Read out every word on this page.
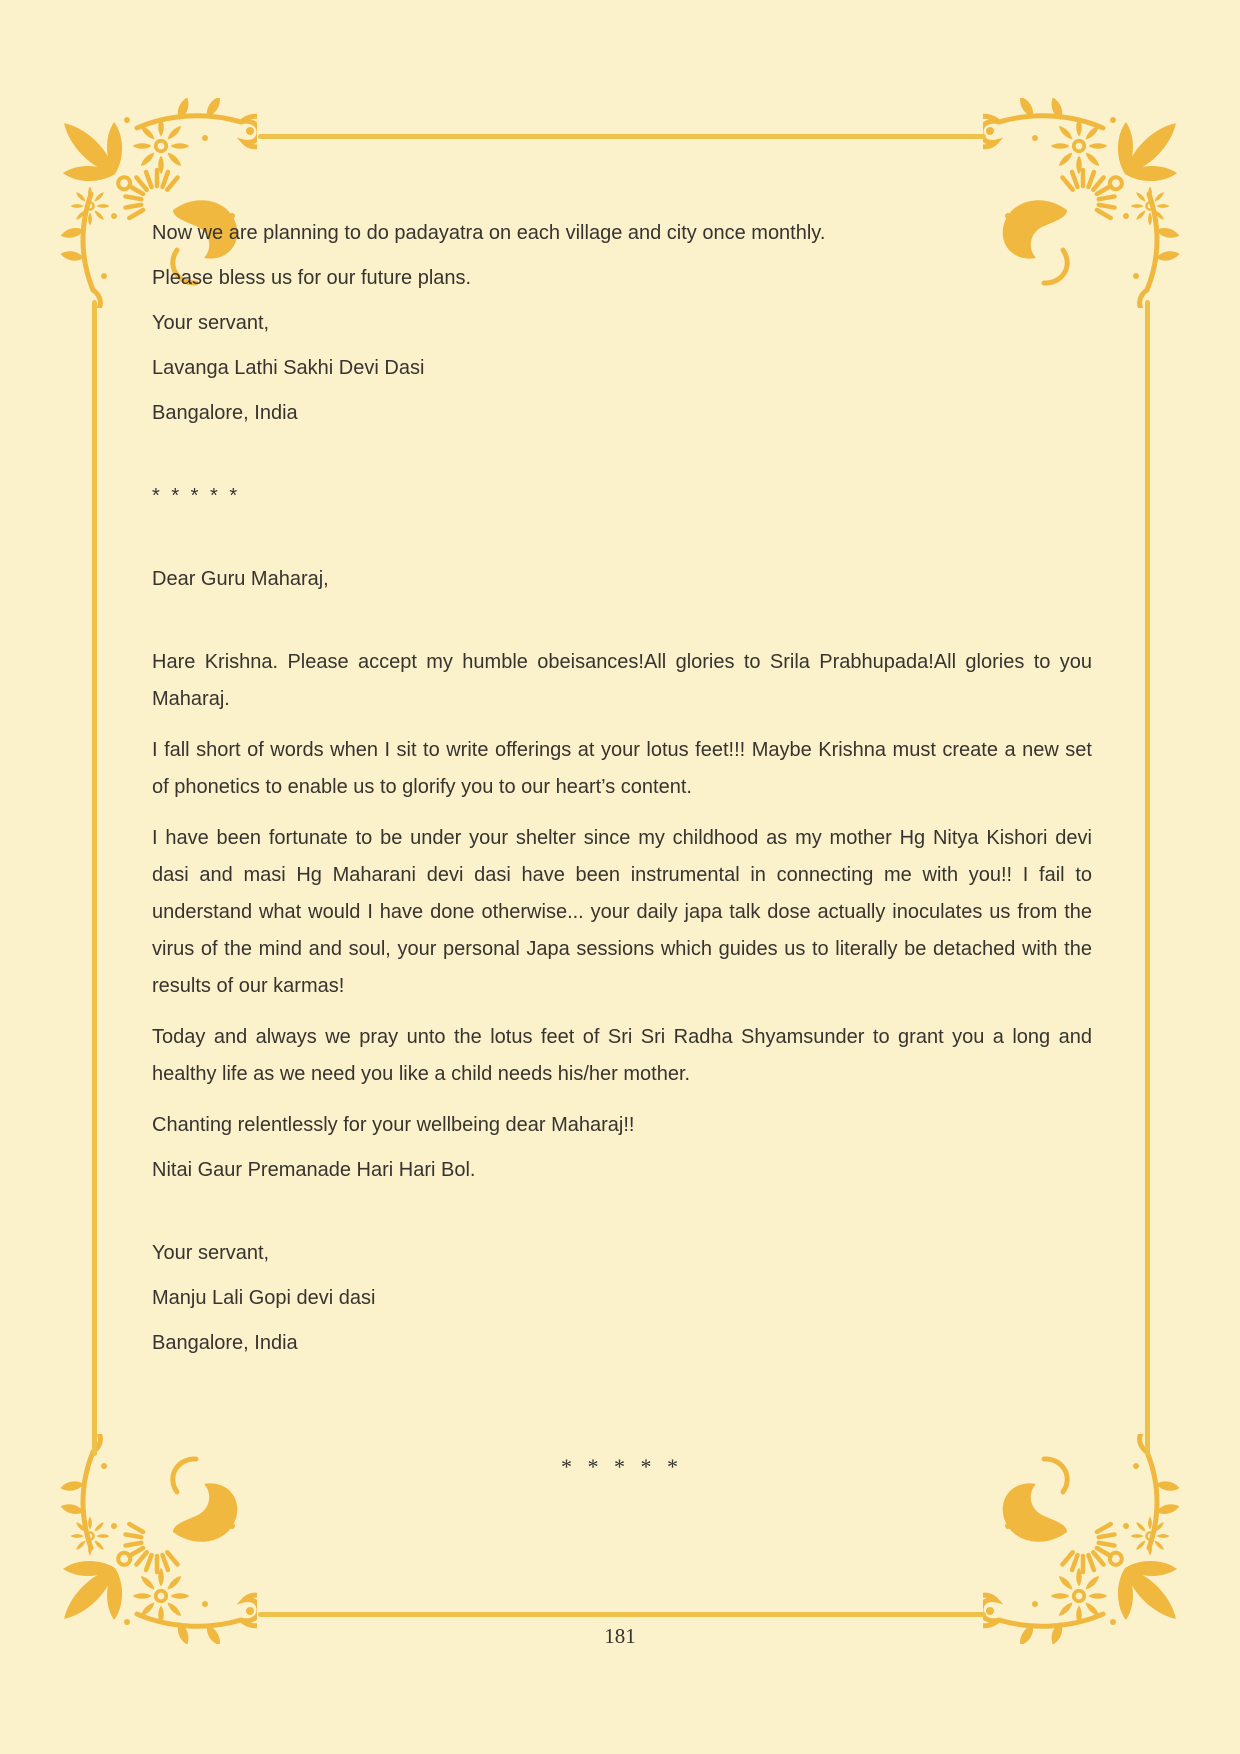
Now we are planning to do padayatra on each village and city once monthly.

Please bless us for our future plans.

Your servant,

Lavanga Lathi Sakhi Devi Dasi

Bangalore, India

* * * * *

Dear Guru Maharaj,

Hare Krishna. Please accept my humble obeisances!All glories to Srila Prabhupada!All glories to you Maharaj.

I fall short of words when I sit to write offerings at your lotus feet!!! Maybe Krishna must create a new set of phonetics to enable us to glorify you to our heart’s content.

I have been fortunate to be under your shelter since my childhood as my mother Hg Nitya Kishori devi dasi and masi Hg Maharani devi dasi have been instrumental in connecting me with you!! I fail to understand what would I have done otherwise... your daily japa talk dose actually inoculates us from the virus of the mind and soul, your personal Japa sessions which guides us to literally be detached with the results of our karmas!

Today and always we pray unto the lotus feet of Sri Sri Radha Shyamsunder to grant you a long and healthy life as we need you like a child needs his/her mother.

Chanting relentlessly for your wellbeing dear Maharaj!!

Nitai Gaur Premanade Hari Hari Bol.

Your servant,

Manju Lali Gopi devi dasi

Bangalore, India

* * * * *

181
